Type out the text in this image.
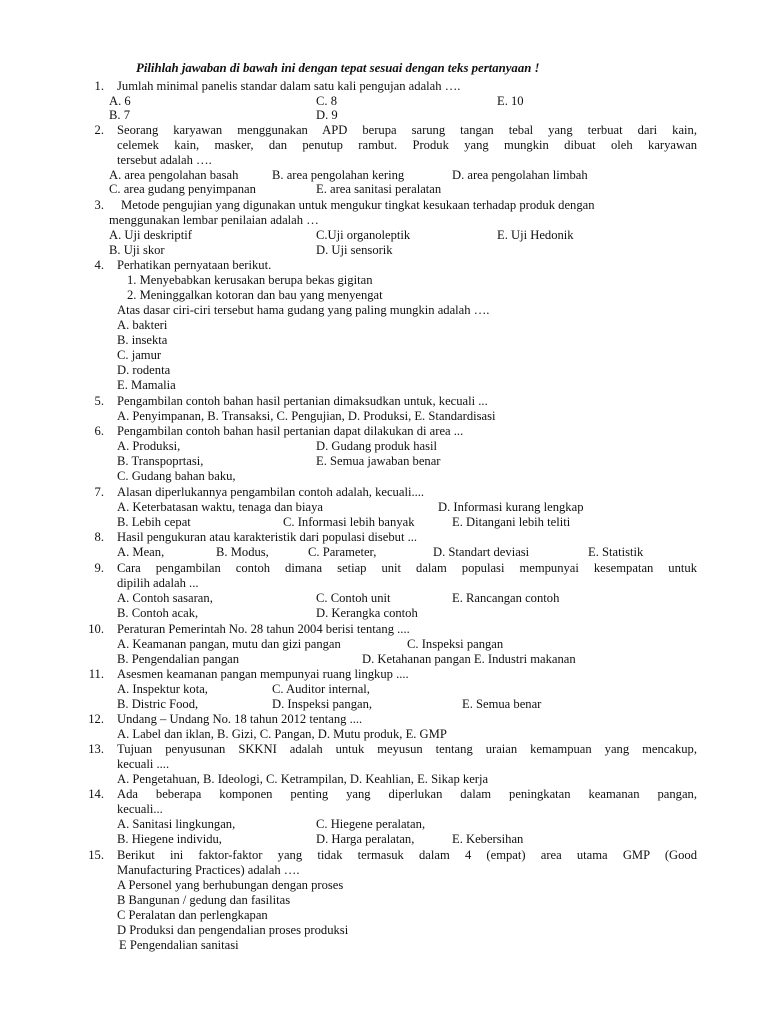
Pilihlah jawaban di bawah ini dengan tepat sesuai dengan teks pertanyaan !
1. Jumlah minimal panelis standar dalam satu kali pengujan adalah ….
A. 6	C. 8	E. 10
B. 7	D. 9
2. Seorang karyawan menggunakan APD berupa sarung tangan tebal yang terbuat dari kain,
celemek kain, masker, dan penutup rambut. Produk yang mungkin dibuat oleh karyawan
tersebut adalah ….
A. area pengolahan basah	B. area pengolahan kering	D. area pengolahan limbah
C. area gudang penyimpanan	E. area sanitasi peralatan
3. Metode pengujian yang digunakan untuk mengukur tingkat kesukaan terhadap produk dengan
menggunakan lembar penilaian adalah …
A. Uji deskriptif	C.Uji organoleptik	E. Uji Hedonik
B. Uji skor	D. Uji sensorik
4. Perhatikan pernyataan berikut.
1. Menyebabkan kerusakan berupa bekas gigitan
2. Meninggalkan kotoran dan bau yang menyengat
Atas dasar ciri-ciri tersebut hama gudang yang paling mungkin adalah ….
A. bakteri
B. insekta
C. jamur
D. rodenta
E. Mamalia
5. Pengambilan contoh bahan hasil pertanian dimaksudkan untuk, kecuali ...
A. Penyimpanan, B. Transaksi, C. Pengujian, D. Produksi, E. Standardisasi
6. Pengambilan contoh bahan hasil pertanian dapat dilakukan di area ...
A. Produksi,	D. Gudang produk hasil
B. Transpoprtasi,	E. Semua jawaban benar
C. Gudang bahan baku,
7. Alasan diperlukannya pengambilan contoh adalah, kecuali....
A. Keterbatasan waktu, tenaga dan biaya	D. Informasi kurang lengkap
B. Lebih cepat	C. Informasi lebih banyak	E. Ditangani lebih teliti
8. Hasil pengukuran atau karakteristik dari populasi disebut ...
A. Mean,	B. Modus,	C. Parameter,	D. Standart deviasi	E. Statistik
9. Cara pengambilan contoh dimana setiap unit dalam populasi mempunyai kesempatan untuk
dipilih adalah ...
A. Contoh sasaran,	C. Contoh unit	E. Rancangan contoh
B. Contoh acak,	D. Kerangka contoh
10. Peraturan Pemerintah No. 28 tahun 2004 berisi tentang ....
A. Keamanan pangan, mutu dan gizi pangan	C. Inspeksi pangan
B. Pengendalian pangan	D. Ketahanan pangan E. Industri makanan
11. Asesmen keamanan pangan mempunyai ruang lingkup ....
A. Inspektur kota,	C. Auditor internal,
B. Distric Food,	D. Inspeksi pangan,	E. Semua benar
12. Undang – Undang No. 18 tahun 2012 tentang ....
A. Label dan iklan, B. Gizi, C. Pangan, D. Mutu produk, E. GMP
13. Tujuan penyusunan SKKNI adalah untuk meyusun tentang uraian kemampuan yang mencakup,
kecuali ....
A. Pengetahuan, B. Ideologi, C. Ketrampilan, D. Keahlian, E. Sikap kerja
14. Ada beberapa komponen penting yang diperlukan dalam peningkatan keamanan pangan,
kecuali...
A. Sanitasi lingkungan,	C. Hiegene peralatan,
B. Hiegene individu,	D. Harga peralatan,	E. Kebersihan
15. Berikut ini faktor-faktor yang tidak termasuk dalam 4 (empat) area utama GMP (Good
Manufacturing Practices) adalah ….
A Personel yang berhubungan dengan proses
B Bangunan / gedung dan fasilitas
C Peralatan dan perlengkapan
D Produksi dan pengendalian proses produksi
E Pengendalian sanitasi
